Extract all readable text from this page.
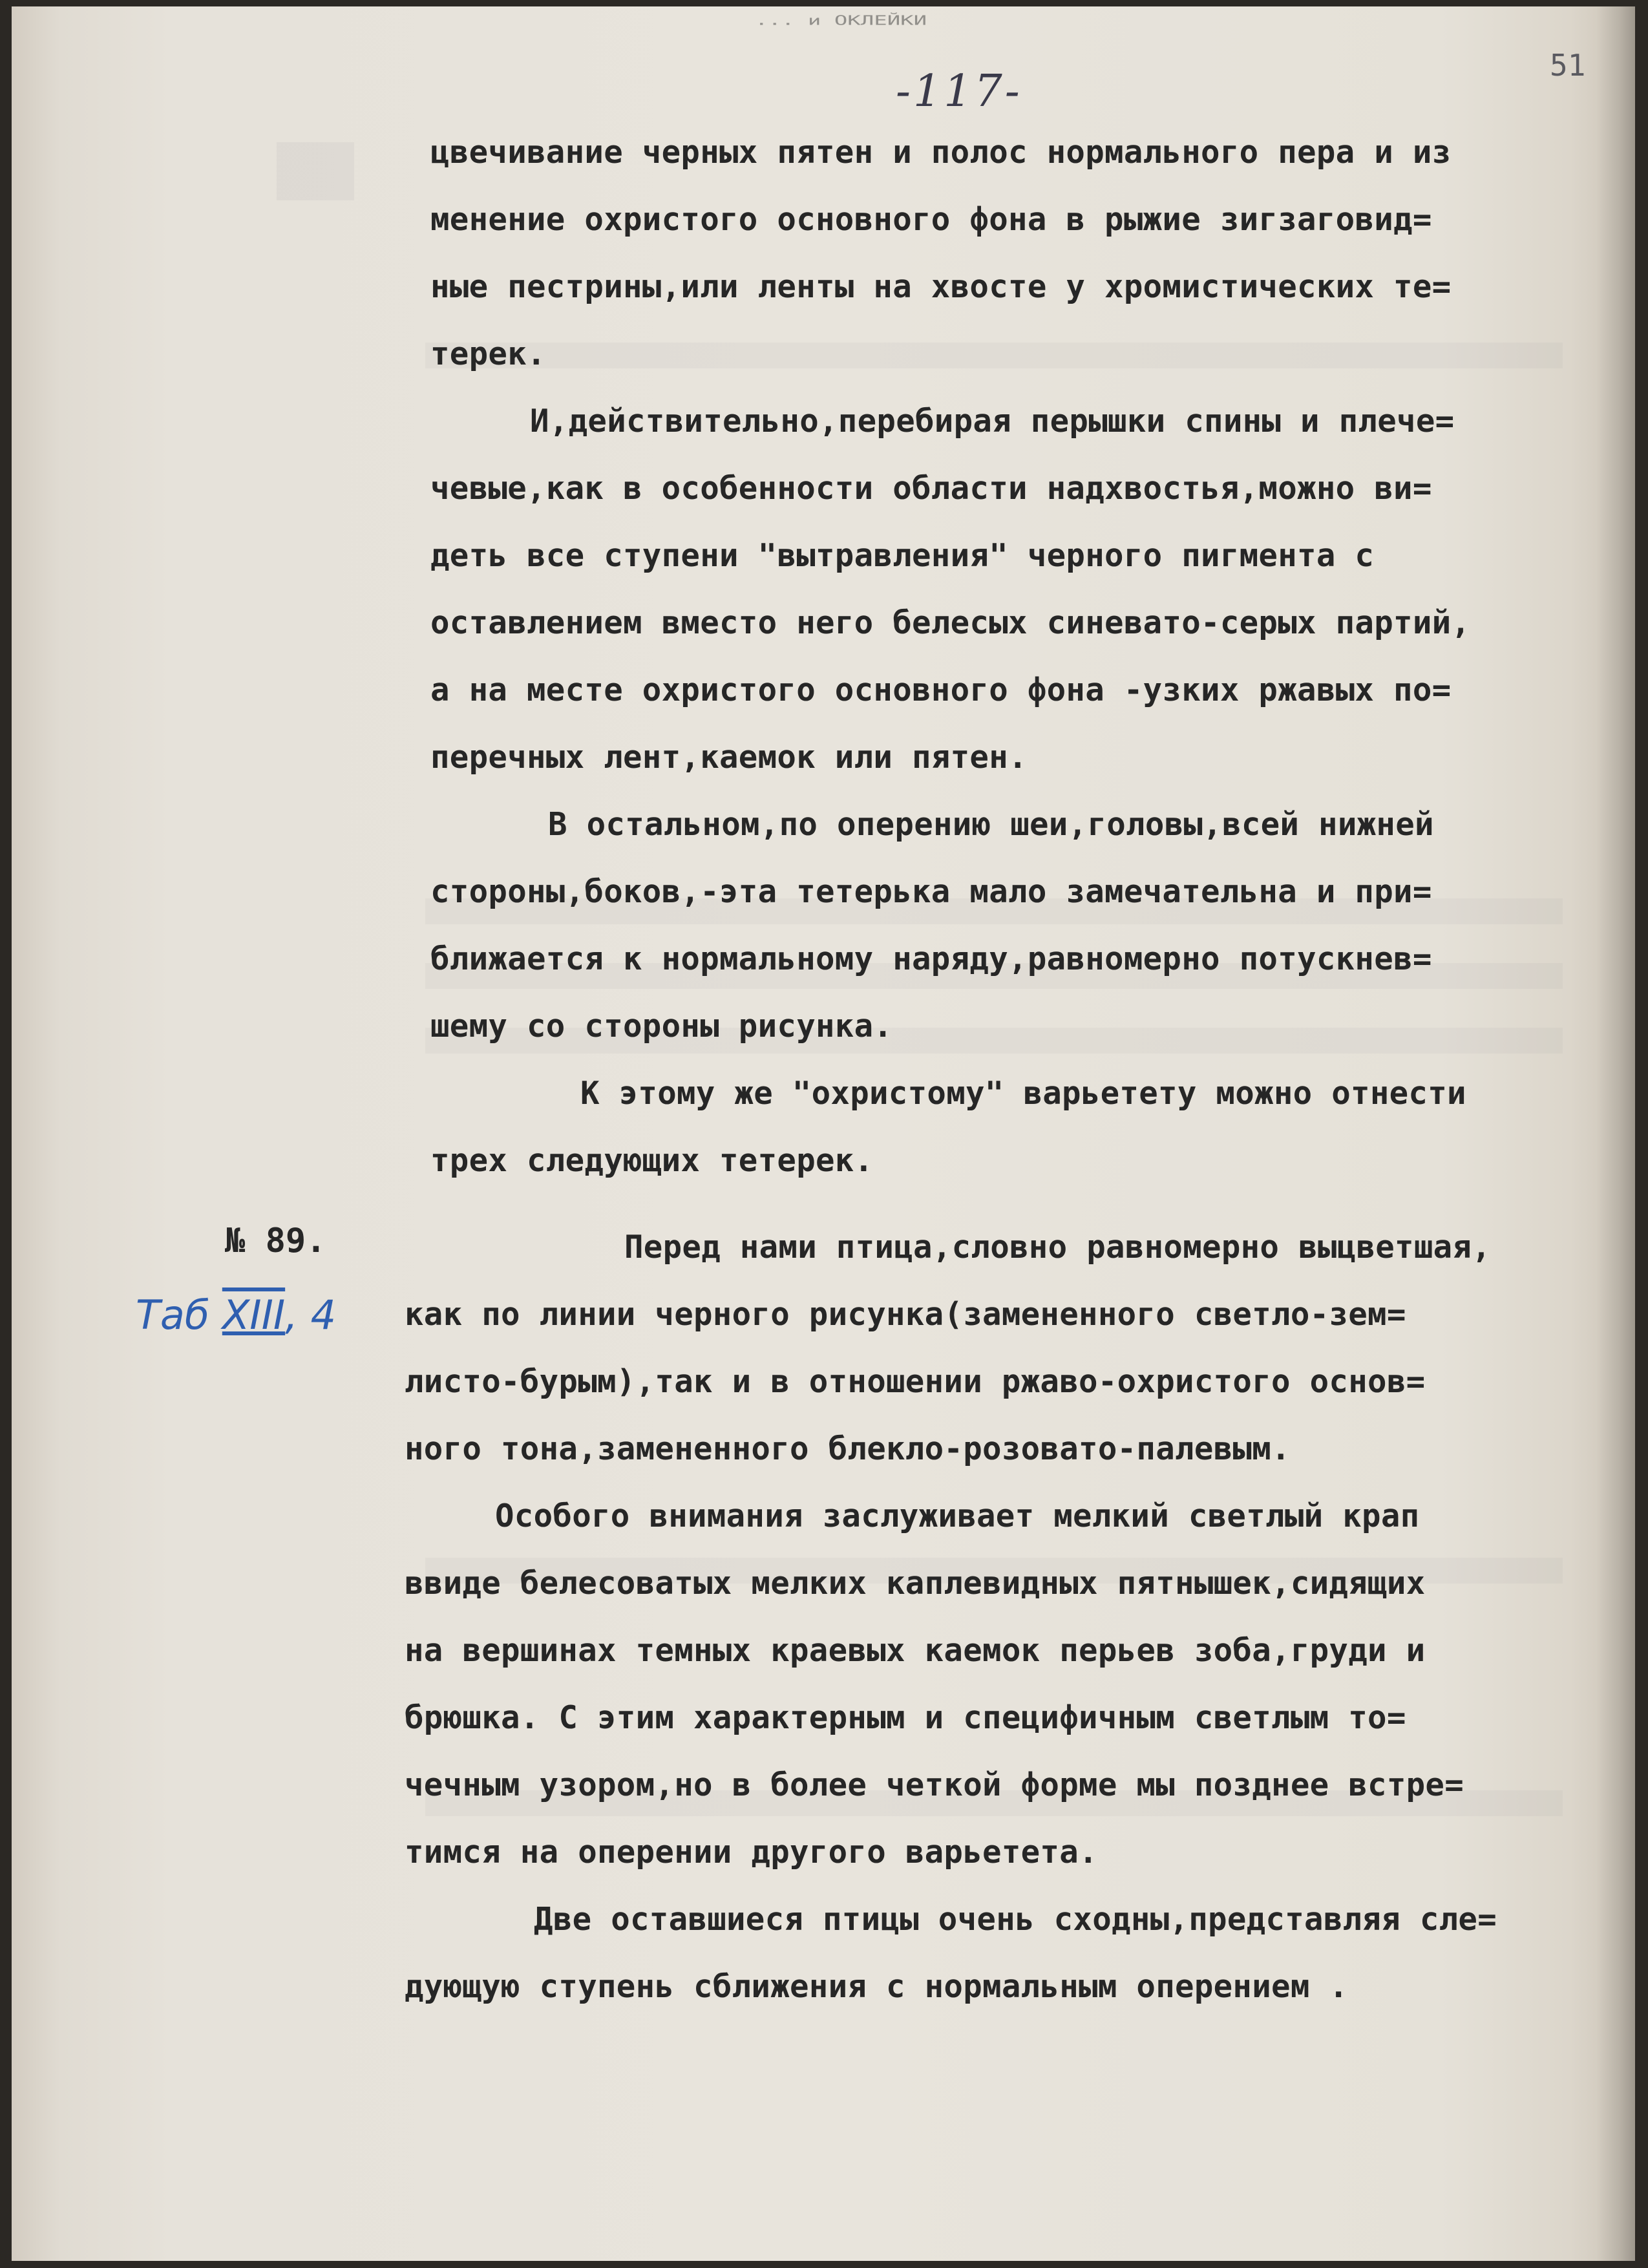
... и ОКЛЕЙКИ
-117-
51
цвечивание черных пятен и полос нормального пера и из
менение охристого основного фона в рыжие зигзаговид=
ные пестрины,или ленты на хвосте у хромистических те=
терек.
И,действительно,перебирая перышки спины и плече=
чевые,как в особенности области надхвостья,можно ви=
деть все ступени "вытравления" черного пигмента с
оставлением вместо него белесых синевато-серых партий,
а на месте охристого основного фона -узких ржавых по=
перечных лент,каемок или пятен.
В остальном,по оперению шеи,головы,всей нижней
стороны,боков,-эта тетерька мало замечательна и при=
ближается к нормальному наряду,равномерно потускнев=
шему со стороны рисунка.
К этому же "охристому" варьетету можно отнести
трех следующих тетерек.
Перед нами птица,словно равномерно выцветшая,
как по линии черного рисунка(замененного светло-зем=
листо-бурым),так и в отношении ржаво-охристого основ=
ного тона,замененного блекло-розовато-палевым.
Особого внимания заслуживает мелкий светлый крап
ввиде белесоватых мелких каплевидных пятнышек,сидящих
на вершинах темных краевых каемок перьев зоба,груди и
брюшка. С этим характерным и специфичным светлым то=
чечным узором,но в более четкой форме мы позднее встре=
тимся на оперении другого варьетета.
Две оставшиеся птицы очень сходны,представляя сле=
дующую ступень сближения с нормальным оперением .
№ 89.
Таб XIII, 4
